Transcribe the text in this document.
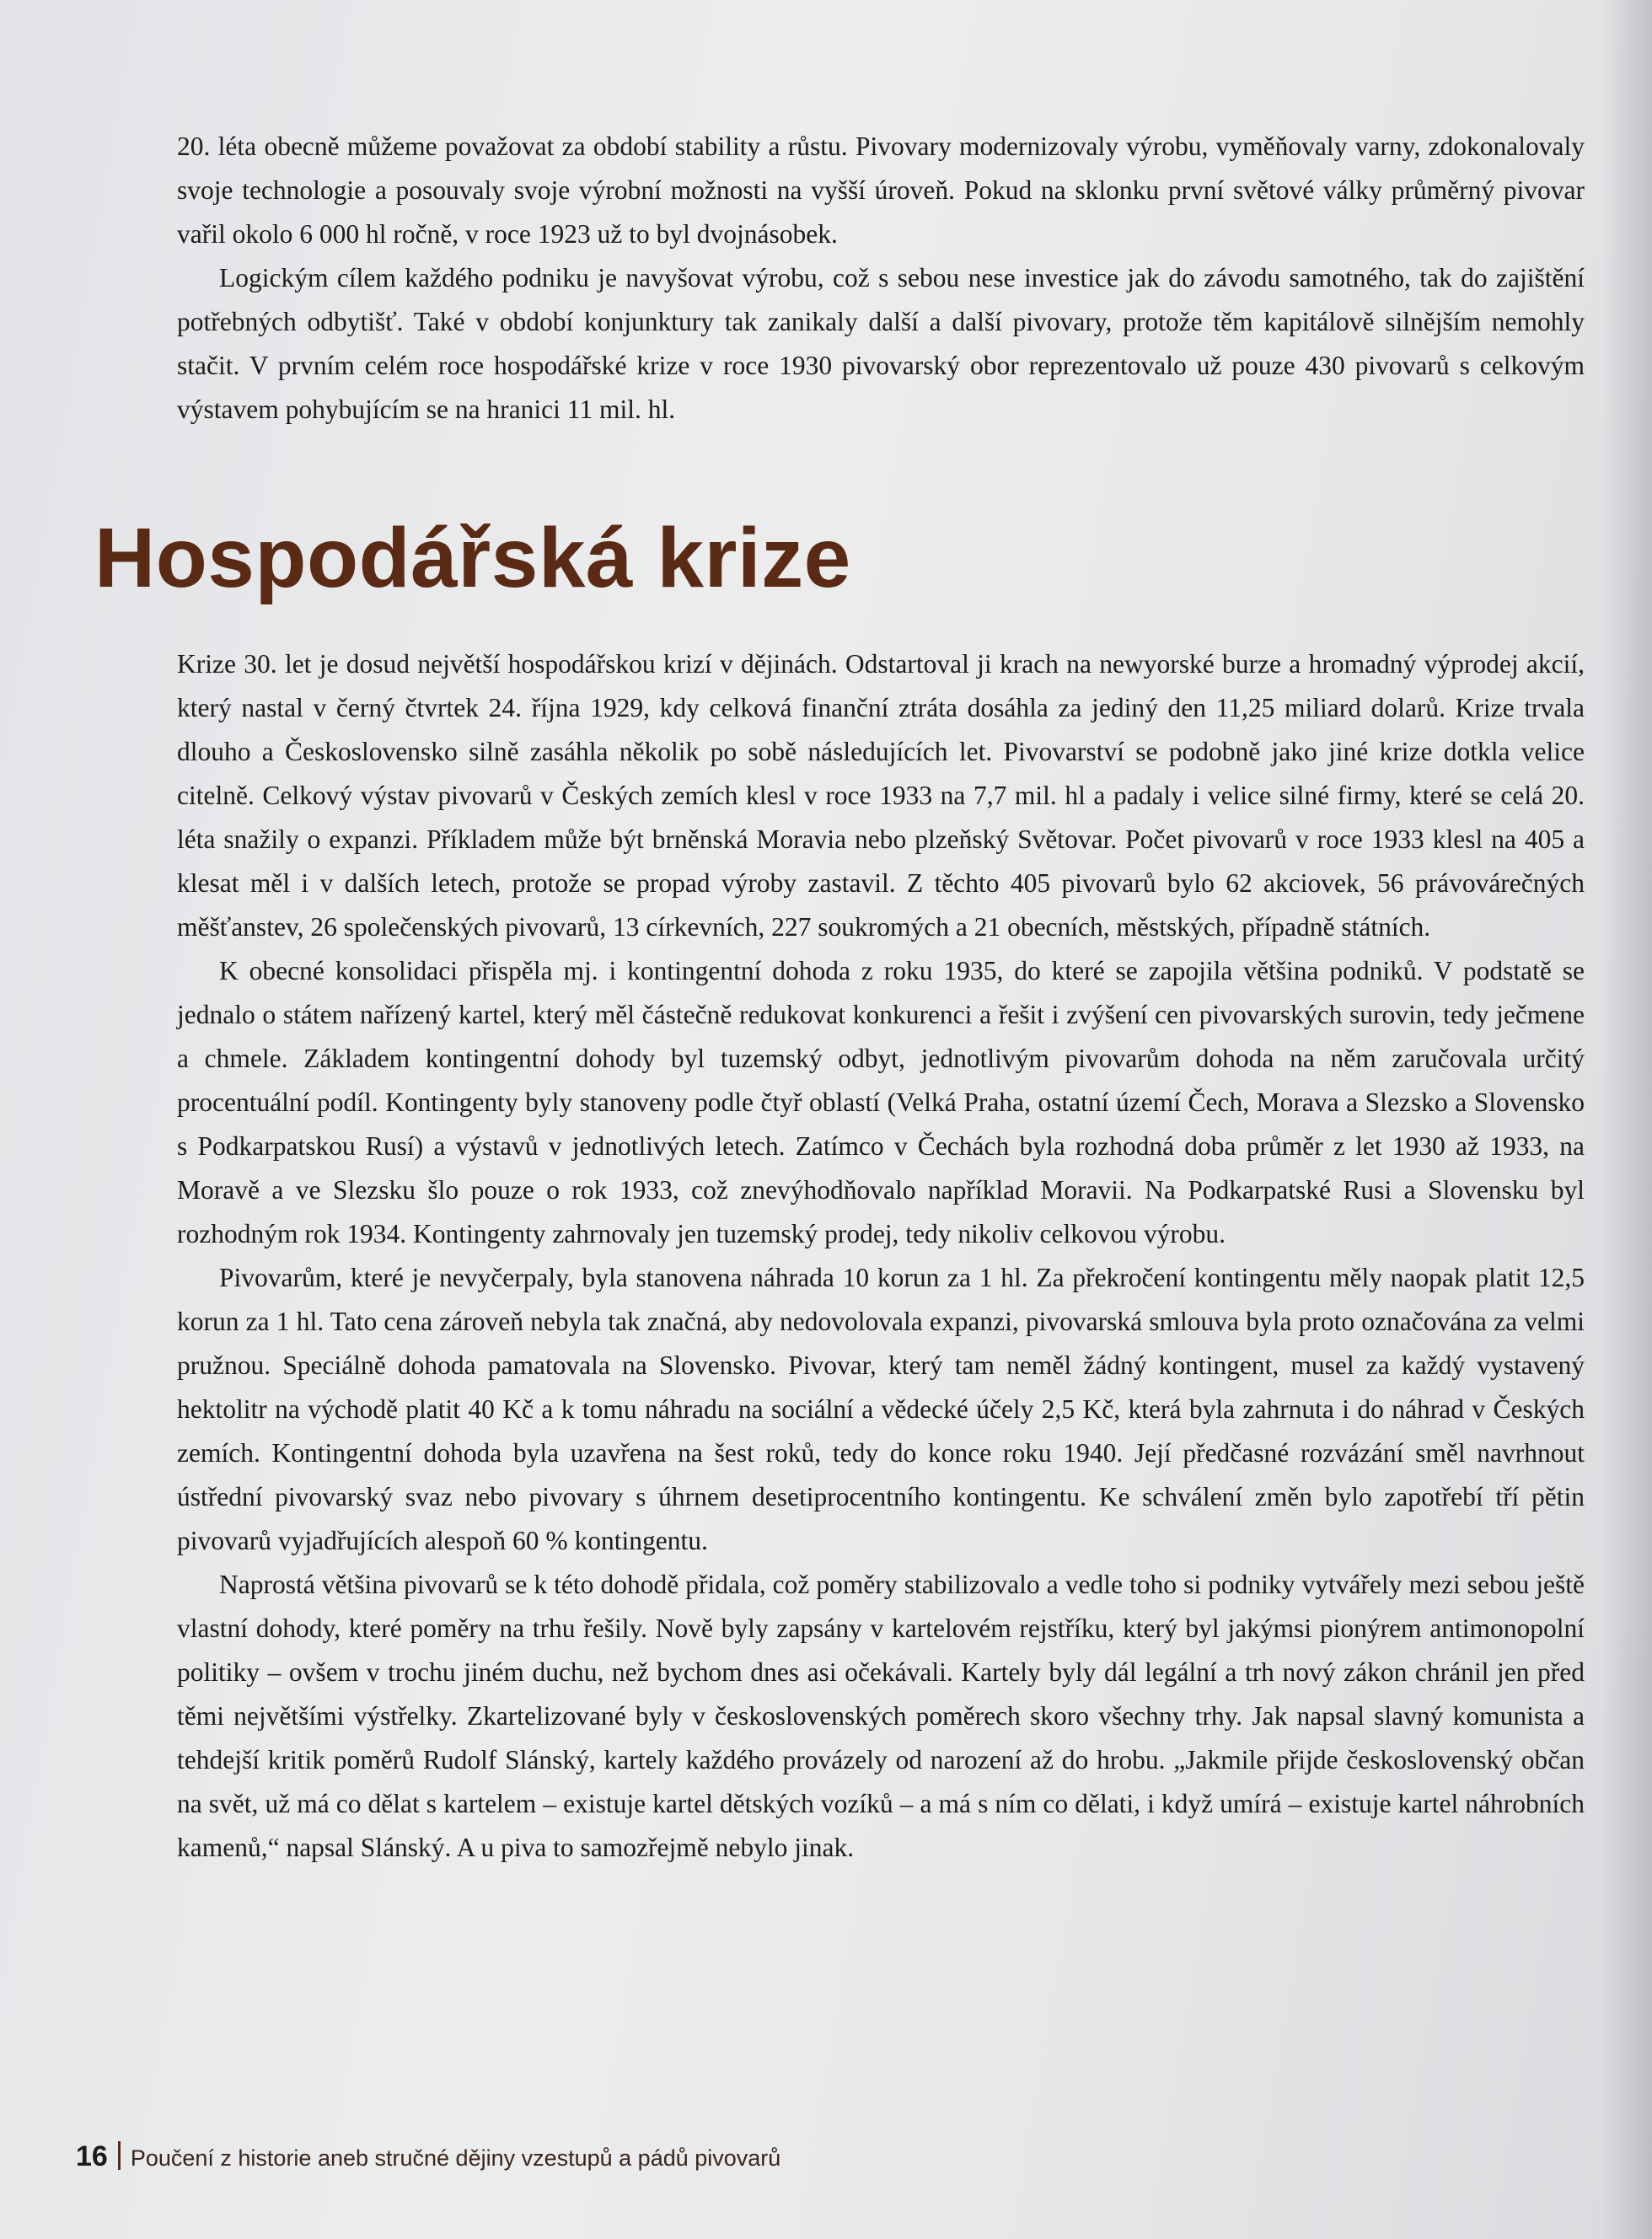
20. léta obecně můžeme považovat za období stability a růstu. Pivovary modernizovaly výrobu, vyměňovaly varny, zdokonalovaly svoje technologie a posouvaly svoje výrobní možnosti na vyšší úroveň. Pokud na sklonku první světové války průměrný pivovar vařil okolo 6 000 hl ročně, v roce 1923 už to byl dvojnásobek.

Logickým cílem každého podniku je navyšovat výrobu, což s sebou nese investice jak do závodu samotného, tak do zajištění potřebných odbytišť. Také v období konjunktury tak zanikaly další a další pivovary, protože těm kapitálově silnějším nemohly stačit. V prvním celém roce hospodářské krize v roce 1930 pivovarský obor reprezentovalo už pouze 430 pivovarů s celkovým výstavem pohybujícím se na hranici 11 mil. hl.

Hospodářská krize

Krize 30. let je dosud největší hospodářskou krizí v dějinách. Odstartoval ji krach na newyorské burze a hromadný výprodej akcií, který nastal v černý čtvrtek 24. října 1929, kdy celková finanční ztráta dosáhla za jediný den 11,25 miliard dolarů. Krize trvala dlouho a Československo silně zasáhla několik po sobě následujících let. Pivovarství se podobně jako jiné krize dotkla velice citelně. Celkový výstav pivovarů v Českých zemích klesl v roce 1933 na 7,7 mil. hl a padaly i velice silné firmy, které se celá 20. léta snažily o expanzi. Příkladem může být brněnská Moravia nebo plzeňský Světovar. Počet pivovarů v roce 1933 klesl na 405 a klesat měl i v dalších letech, protože se propad výroby zastavil. Z těchto 405 pivovarů bylo 62 akciovek, 56 právovárečných měšťanstev, 26 společenských pivovarů, 13 církevních, 227 soukromých a 21 obecních, městských, případně státních.

K obecné konsolidaci přispěla mj. i kontingentní dohoda z roku 1935, do které se zapojila většina podniků. V podstatě se jednalo o státem nařízený kartel, který měl částečně redukovat konkurenci a řešit i zvýšení cen pivovarských surovin, tedy ječmene a chmele. Základem kontingentní dohody byl tuzemský odbyt, jednotlivým pivovarům dohoda na něm zaručovala určitý procentuální podíl. Kontingenty byly stanoveny podle čtyř oblastí (Velká Praha, ostatní území Čech, Morava a Slezsko a Slovensko s Podkarpatskou Rusí) a výstavů v jednotlivých letech. Zatímco v Čechách byla rozhodná doba průměr z let 1930 až 1933, na Moravě a ve Slezsku šlo pouze o rok 1933, což znevýhodňovalo například Moravii. Na Podkarpatské Rusi a Slovensku byl rozhodným rok 1934. Kontingenty zahrnovaly jen tuzemský prodej, tedy nikoliv celkovou výrobu.

Pivovarům, které je nevyčerpaly, byla stanovena náhrada 10 korun za 1 hl. Za překročení kontingentu měly naopak platit 12,5 korun za 1 hl. Tato cena zároveň nebyla tak značná, aby nedovolovala expanzi, pivovarská smlouva byla proto označována za velmi pružnou. Speciálně dohoda pamatovala na Slovensko. Pivovar, který tam neměl žádný kontingent, musel za každý vystavený hektolitr na východě platit 40 Kč a k tomu náhradu na sociální a vědecké účely 2,5 Kč, která byla zahrnuta i do náhrad v Českých zemích. Kontingentní dohoda byla uzavřena na šest roků, tedy do konce roku 1940. Její předčasné rozvázání směl navrhnout ústřední pivovarský svaz nebo pivovary s úhrnem desetiprocentního kontingentu. Ke schválení změn bylo zapotřebí tří pětin pivovarů vyjadřujících alespoň 60 % kontingentu.

Naprostá většina pivovarů se k této dohodě přidala, což poměry stabilizovalo a vedle toho si podniky vytvářely mezi sebou ještě vlastní dohody, které poměry na trhu řešily. Nově byly zapsány v kartelovém rejstříku, který byl jakýmsi pionýrem antimonopolní politiky – ovšem v trochu jiném duchu, než bychom dnes asi očekávali. Kartely byly dál legální a trh nový zákon chránil jen před těmi největšími výstřelky. Zkartelizované byly v československých poměrech skoro všechny trhy. Jak napsal slavný komunista a tehdejší kritik poměrů Rudolf Slánský, kartely každého provázely od narození až do hrobu. „Jakmile přijde československý občan na svět, už má co dělat s kartelem – existuje kartel dětských vozíků – a má s ním co dělati, i když umírá – existuje kartel náhrobních kamenů,“ napsal Slánský. A u piva to samozřejmě nebylo jinak.

16 Poučení z historie aneb stručné dějiny vzestupů a pádů pivovarů
